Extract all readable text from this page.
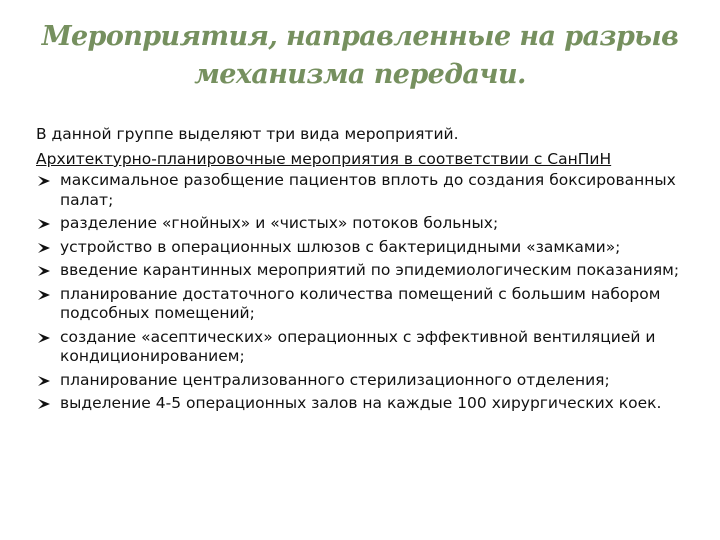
Мероприятия, направленные на разрыв
механизма передачи.

В данной группе выделяют три вида мероприятий.

Архитектурно-планировочные мероприятия в соответствии с СанПиН

максимальное разобщение пациентов вплоть до создания боксированных палат;
разделение «гнойных» и «чистых» потоков больных;
устройство в операционных шлюзов с бактерицидными «замками»;
введение карантинных мероприятий по эпидемиологическим показаниям;
планирование достаточного количества помещений с большим набором подсобных помещений;
создание «асептических» операционных с эффективной вентиляцией и кондиционированием;
планирование централизованного стерилизационного отделения;
выделение 4-5 операционных залов на каждые 100 хирургических коек.
